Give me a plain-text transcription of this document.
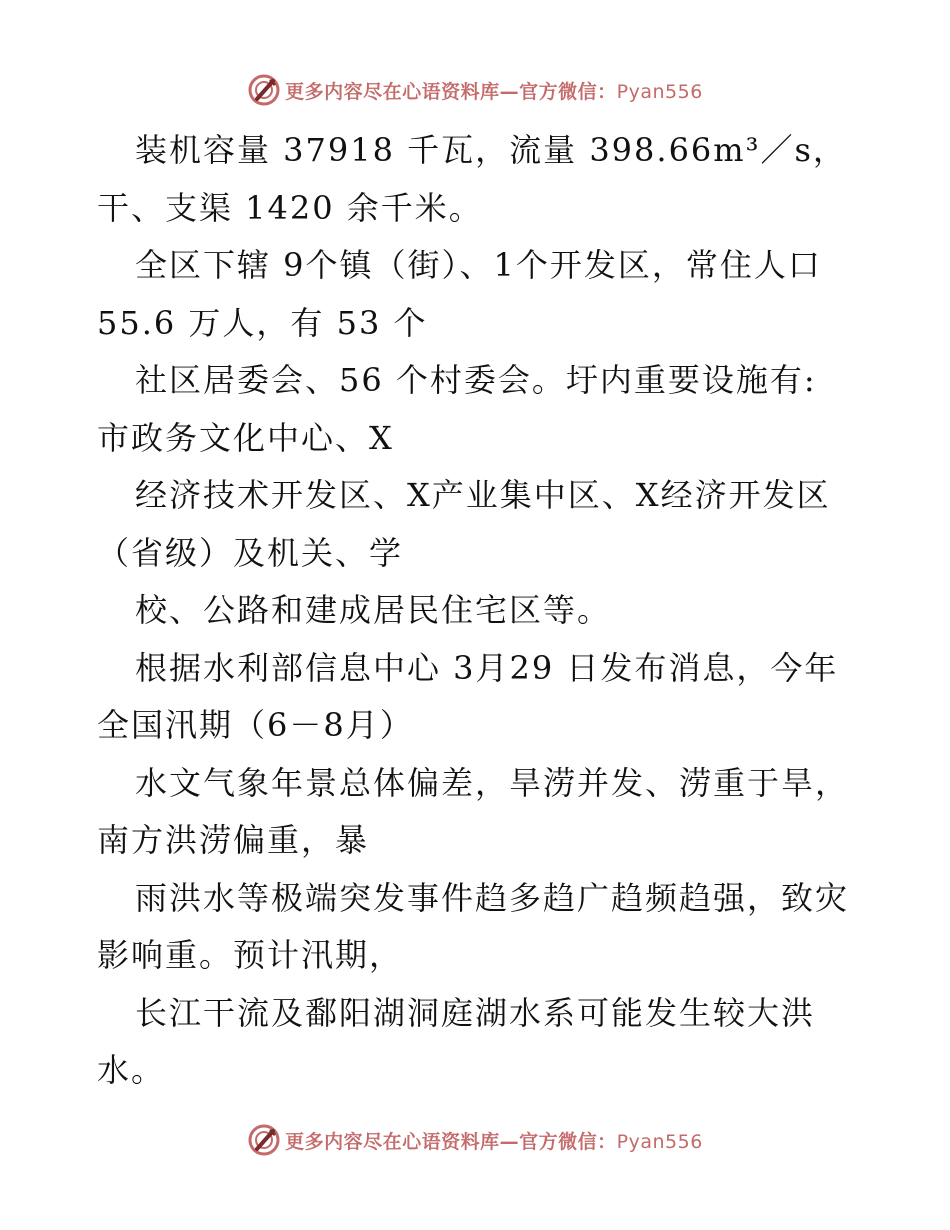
更多内容尽在心语资料库—官方微信：Pyan556
装机容量 37918 千瓦，流量 398.66m³／s，
干、支渠 1420 余千米。
全区下辖 9个镇（街）、1个开发区，常住人口
55.6 万人，有 53 个
社区居委会、56 个村委会。圩内重要设施有:
市政务文化中心、X
经济技术开发区、X产业集中区、X经济开发区
（省级）及机关、学
校、公路和建成居民住宅区等。
根据水利部信息中心 3月29 日发布消息，今年
全国汛期（6－8月）
水文气象年景总体偏差，旱涝并发、涝重于旱，
南方洪涝偏重，暴
雨洪水等极端突发事件趋多趋广趋频趋强，致灾
影响重。预计汛期，
长江干流及鄱阳湖洞庭湖水系可能发生较大洪
水。
更多内容尽在心语资料库—官方微信：Pyan556
